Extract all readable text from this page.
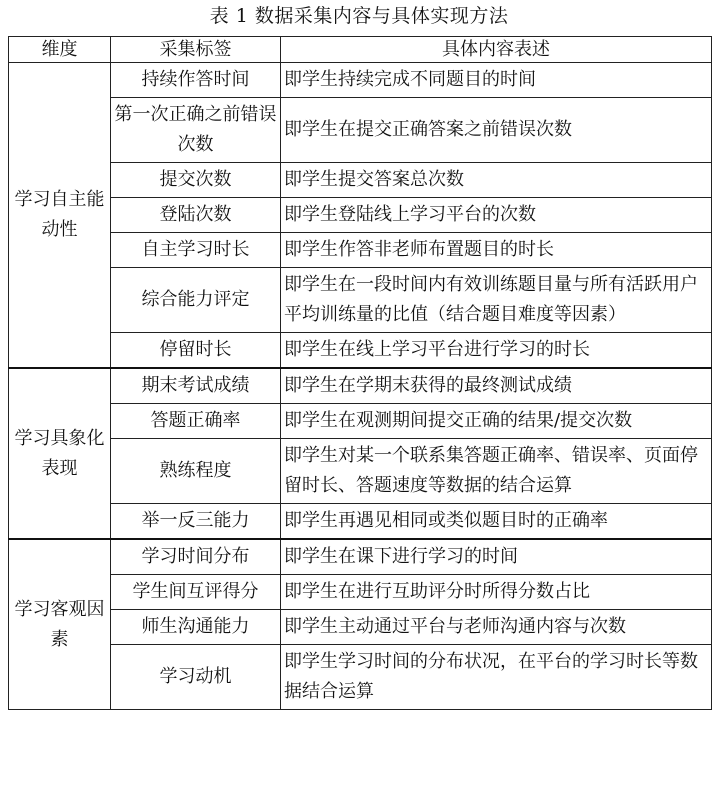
表 1 数据采集内容与具体实现方法
维度	采集标签	具体内容表述
学习自主能动性	持续作答时间	即学生持续完成不同题目的时间
	第一次正确之前错误次数	即学生在提交正确答案之前错误次数
	提交次数	即学生提交答案总次数
	登陆次数	即学生登陆线上学习平台的次数
	自主学习时长	即学生作答非老师布置题目的时长
	综合能力评定	即学生在一段时间内有效训练题目量与所有活跃用户平均训练量的比值（结合题目难度等因素）
	停留时长	即学生在线上学习平台进行学习的时长
学习具象化表现	期末考试成绩	即学生在学期末获得的最终测试成绩
	答题正确率	即学生在观测期间提交正确的结果/提交次数
	熟练程度	即学生对某一个联系集答题正确率、错误率、页面停留时长、答题速度等数据的结合运算
	举一反三能力	即学生再遇见相同或类似题目时的正确率
学习客观因素	学习时间分布	即学生在课下进行学习的时间
	学生间互评得分	即学生在进行互助评分时所得分数占比
	师生沟通能力	即学生主动通过平台与老师沟通内容与次数
	学习动机	即学生学习时间的分布状况，在平台的学习时长等数据结合运算
